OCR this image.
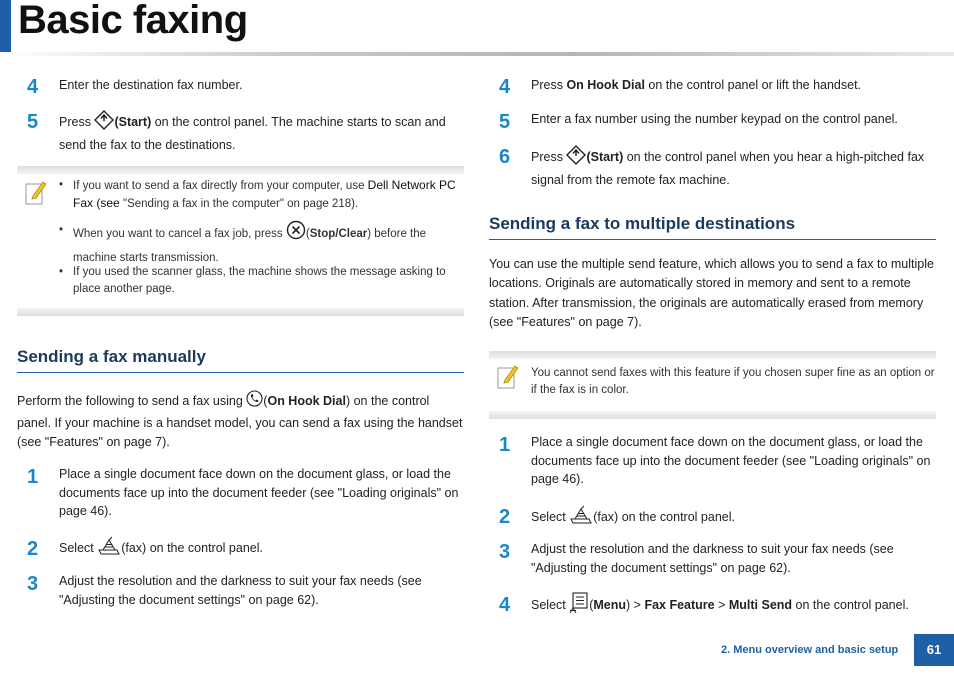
Basic faxing
4	Enter the destination fax number.
5	Press (Start) on the control panel. The machine starts to scan and send the fax to the destinations.
• If you want to send a fax directly from your computer, use Dell Network PC Fax (see "Sending a fax in the computer" on page 218).
• When you want to cancel a fax job, press (Stop/Clear) before the machine starts transmission.
• If you used the scanner glass, the machine shows the message asking to place another page.
Sending a fax manually
Perform the following to send a fax using (On Hook Dial) on the control panel. If your machine is a handset model, you can send a fax using the handset (see "Features" on page 7).
1	Place a single document face down on the document glass, or load the documents face up into the document feeder (see "Loading originals" on page 46).
2	Select (fax) on the control panel.
3	Adjust the resolution and the darkness to suit your fax needs (see "Adjusting the document settings" on page 62).
4	Press On Hook Dial on the control panel or lift the handset.
5	Enter a fax number using the number keypad on the control panel.
6	Press (Start) on the control panel when you hear a high-pitched fax signal from the remote fax machine.
Sending a fax to multiple destinations
You can use the multiple send feature, which allows you to send a fax to multiple locations. Originals are automatically stored in memory and sent to a remote station. After transmission, the originals are automatically erased from memory (see "Features" on page 7).
You cannot send faxes with this feature if you chosen super fine as an option or if the fax is in color.
1	Place a single document face down on the document glass, or load the documents face up into the document feeder (see "Loading originals" on page 46).
2	Select (fax) on the control panel.
3	Adjust the resolution and the darkness to suit your fax needs (see "Adjusting the document settings" on page 62).
4	Select (Menu) > Fax Feature > Multi Send on the control panel.
2. Menu overview and basic setup	61
